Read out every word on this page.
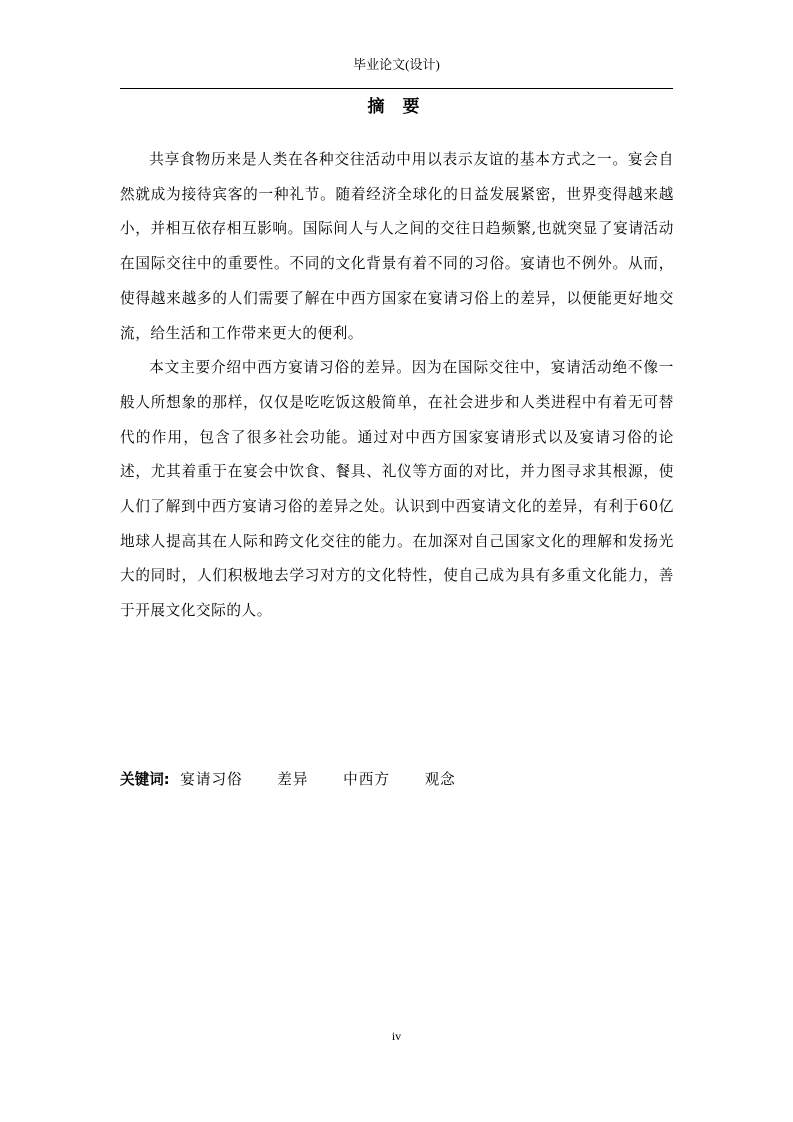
毕业论文(设计)
摘 要

共享食物历来是人类在各种交往活动中用以表示友谊的基本方式之一。宴会自然就成为接待宾客的一种礼节。随着经济全球化的日益发展紧密，世界变得越来越小，并相互依存相互影响。国际间人与人之间的交往日趋频繁,也就突显了宴请活动在国际交往中的重要性。不同的文化背景有着不同的习俗。宴请也不例外。从而，使得越来越多的人们需要了解在中西方国家在宴请习俗上的差异，以便能更好地交流，给生活和工作带来更大的便利。

本文主要介绍中西方宴请习俗的差异。因为在国际交往中，宴请活动绝不像一般人所想象的那样，仅仅是吃吃饭这般简单，在社会进步和人类进程中有着无可替代的作用，包含了很多社会功能。通过对中西方国家宴请形式以及宴请习俗的论述，尤其着重于在宴会中饮食、餐具、礼仪等方面的对比，并力图寻求其根源，使人们了解到中西方宴请习俗的差异之处。认识到中西宴请文化的差异，有利于60亿地球人提高其在人际和跨文化交往的能力。在加深对自己国家文化的理解和发扬光大的同时，人们积极地去学习对方的文化特性，使自己成为具有多重文化能力，善于开展文化交际的人。

关键词: 宴请习俗 差异 中西方 观念
iv
